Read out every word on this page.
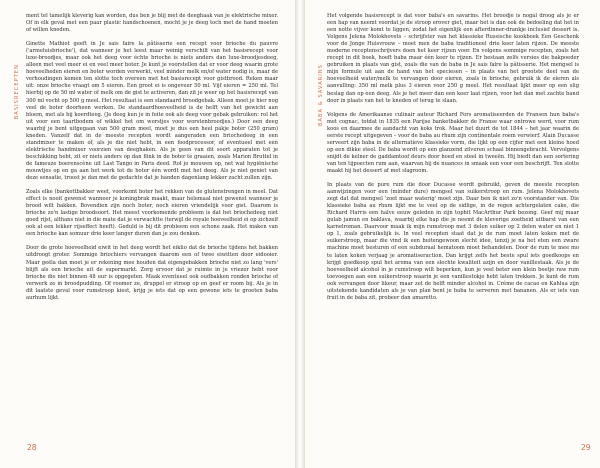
BASISRECEPTEN

ment tel tamelijk kleverig kan worden, dus ben je blij met de deeghaak van je elektrische mixer. Of in elk geval met een paar plastic handschoenen, mocht je je deeg toch met de hand moeten of willen kneden.

Ginette Mathiot geeft in Je sais faire la pâtisserie een recept voor brioche du pauvre ('armeluisbrioche'), dat wanneer je het leest maar weinig verschilt van het basisrecept voor luxe-broodjes, maar ook het deeg voor échte brioche is niets anders dan luxe-broodjesdeeg, alleen met veel meer ei en veel meer boter. Je kunt je voorstellen dat er voor deeg waarin grote hoeveelheden eieren en boter worden verwerkt, veel minder melk en/of water nodig is, maar de verhoudingen komen ten slotte toch overeen met het basisrecept voor gistbrood. Reken maar uit: onze brioche vraagt om 5 eieren. Een groot ei is ongeveer 50 ml. Vijf eieren = 250 ml. Tel hierbij op de 50 ml water of melk om de gist te activeren, dan zit je weer op het basisrecept van 300 ml vocht op 500 g meel. Het resultaat is een standaard broodgebak. Alleen moet je hier nog veel de boter doorheen werken. De standaardhoeveelheid is de helft van het gewicht aan bloem, met als bij koerdteeg. (Je deeg kun je in feite ook als deeg voor gebak gebruiken: rol het uit voor een taartbodem of wikkel het om worstjes voor worstenbroodjes.) Door een deeg waarbij je bent uitgegaan van 500 gram meel, moet je dus een heel pakje boter (250 gram) kneden. Vanzelf dat in de meeste recepten wordt aangeraden een briochedeeg in een standmixer te maken of, als je die niet hebt, in een foodprocessor, of eventueel met een elektrische handmixer voorzien van deeghaken. Als je geen van dit soort apparaten tot je beschikking hebt, zit er niets anders op dan flink in de boter te graaien, zoals Marion Bruttel in de fameuze boerenscène uit Last Tango in Paris deed. Rol je mouwen op, net wat hygiënische mouwtjes op en ga aan het werk tot de boter één wordt met het deeg. Als je niet geniet van deze sensatie, troost je dan met de gedachte dat je handen dagenlang lekker zacht zullen zijn.

Zoals elke (bankettbakker weet, voorkomt boter het rekken van de glutenstrengen in meel. Dat effect is nooit gewenst wanneer je koningbrak maakt, maar helemaal niet gewenst wanneer je brood wilt bakken. Bovendien zijn noch boter, noch eieren vriendelijk voor gist. Daarom is brioche zo'n lastige broodsoort. Het meest voorkomende probleem is dat het briochedeeg niet goed rijst, althans niet in die mate dat je verwachtte (terwijl de royale hoeveelheid ei op zichzelf ook al een lekker rijseffect heeft). Geduld is bij dit probleem een schone zaak. Het maken van een brioche kan somuur drie keer langer duren dan je zou denken.

Door de grote hoeveelheid eiwit in het deeg wordt het eiklio dat de brioche tijdens het bakken uitdroogt groter. Sommige briochiers vervangen daarom een of twee eiwitten door eidooier. Maar geëla dan moet je er rekening mee houden dat eigengebakken brioche niet zo lang 'vers' blijft als een brioche uit de supermarkt. Zorg ervoor dat je ruimte in je vriezer hebt voor brioche die niet binnen 48 uur is opgegeten. Maak eventueel ook oudbakken ronden brioche of verwerk ze in broodpudding. Of roomer ze, druppel er stroop op en geef er room bij. Als je in dit laatste geval voor rumstroop kiest, krijg je iets dat op een gewone iets te groeten baba aurhum lijkt.

28
BABA & SAVARINS

Het volgende basisrecept is dat voor baba's en savarins. Het broodje is nogal droog als je er een hap van neemt voordat je de stroop erover giet, maar het is dan ook de bedoeling dat het in een notte vijver komt te liggen, zodat het eigenlijk een afterdinner-drankje inclusief dessert is. Volgens Jelena Molokhovets – schrijfster van het klassieke Russische kookboek Een Geschenk voor de Jonge Huisvrouw – moet men de baba traditioneel drie keer laten rijzen. De meeste moderne receptenschrijvers doen het keer rijzen voor. En volgens sommige recepten, zoals het recept in dit boek, hoeft baba maar één keer te rijzen. Er bestaan zelfs versies die bakpoeder gebruiken in plaats van gist, zoals die van de baba in Je sais faire la pâtisserie. Het mengsel is mijn formule uit aan de hand van het speciesen – in plaats van het grootste deel van de hoeveelheid water/melk te vervangen door eieren, zoals in brioche, gebruik ik de eieren als aanvulling: 350 ml melk plus 3 eieren voor 250 g meel. Het resultaat lijkt meer op een slig beslag dan op een deeg. Als je het meer dan een keer laat rijzen, voor het dan met zachte band door in plaats van het te kneden of terug te slaan.

Volgens de Amerikaanse culinair auteur Richard Fors aromatiseerden de Fransen hun baba's met cognac, totdat in 1835 een Parijse banketbakker de Franse waar ontrowe werd, voor rum koos en daarmee de aandacht van koks trok. Maar het duurt de tot 1844 – het jaar waarin de eerste recept uitgegeven – voor de baba au rhum zijn continentale roem verwierf. Alain Ducasse serveert zijn baba in de alternatieve klassieke vorm, die lijkt op een cijfer met een kleine hoed op een dikke steel. De baba wordt op een glanzend zilveren schaal binnengebracht. Vervolgens snijdt de kelner de gaddamtoof deurs door hoed en steel in tweeën. Hij biedt dan een sortering van ten tijpoecten rum aan, waarvan hij de nuances in smaak een voor een beschrijft. Ten slotte maakt hij het dessert af met slagroom.

In plaats van de pure rum die door Ducasse wordt gebruikt, geven de meeste recepten aanwijzingen voor een (minder dure) mengsel van suikerstroop en rum. Jelena Molokhovets zegt dat dat mengsel 'zoet maar waterig' moet zijn. Daar ben ik niet zo'n voorstander van. Die klassieke baba au rhum lijkt me te veel op de sidlige, in de regen achtergelaten cake, die Richard Harris een halve eeuw geleden in zijn tophit MacArthur Park bezong. Geef mij maar gulab jamun en baklava, waarbij elke hap die je neemt de kleverige zoetheid uitbarst van een karnelroman. Daarvoor maak ik mijn rumstroop met 3 delen suiker op 2 delen water en niet 1 op 1, zoals gebruikelijk is. In veel recepten staat dat je de rum moet laten koken met de suikerstroop, maar die vind ik een buitengewoon slecht idee, tenzij je na het eten een zware machine moet besturen of een subduraal hematoom moet behandelen. Door de rum te mee mo te laten koken verjaag je aromatiseraction. Dan krijgt zelfs het beste spul iets goedkoops en krijgt goedkoop spul het aroma van een slechte kwaliteit azijn en door vanillestaak. Als je de hoeveelheid alcohol in je rumstroop wilt beperken, kun je veel beter een klein beetje raw rum toevoegen aan een suikerstroop waarin je een vanillestokje hebt laten trekken. Je kunt de rum ook vervangen door likeur, maar zet de helft minder alcohol in. Crème de cacao en Kahlua zijn uitstekende kandidaten als je van plan bent je baba te serveren met bananen. Als er iets van fruit in de baba zit, probeer dan amaretto.

29
